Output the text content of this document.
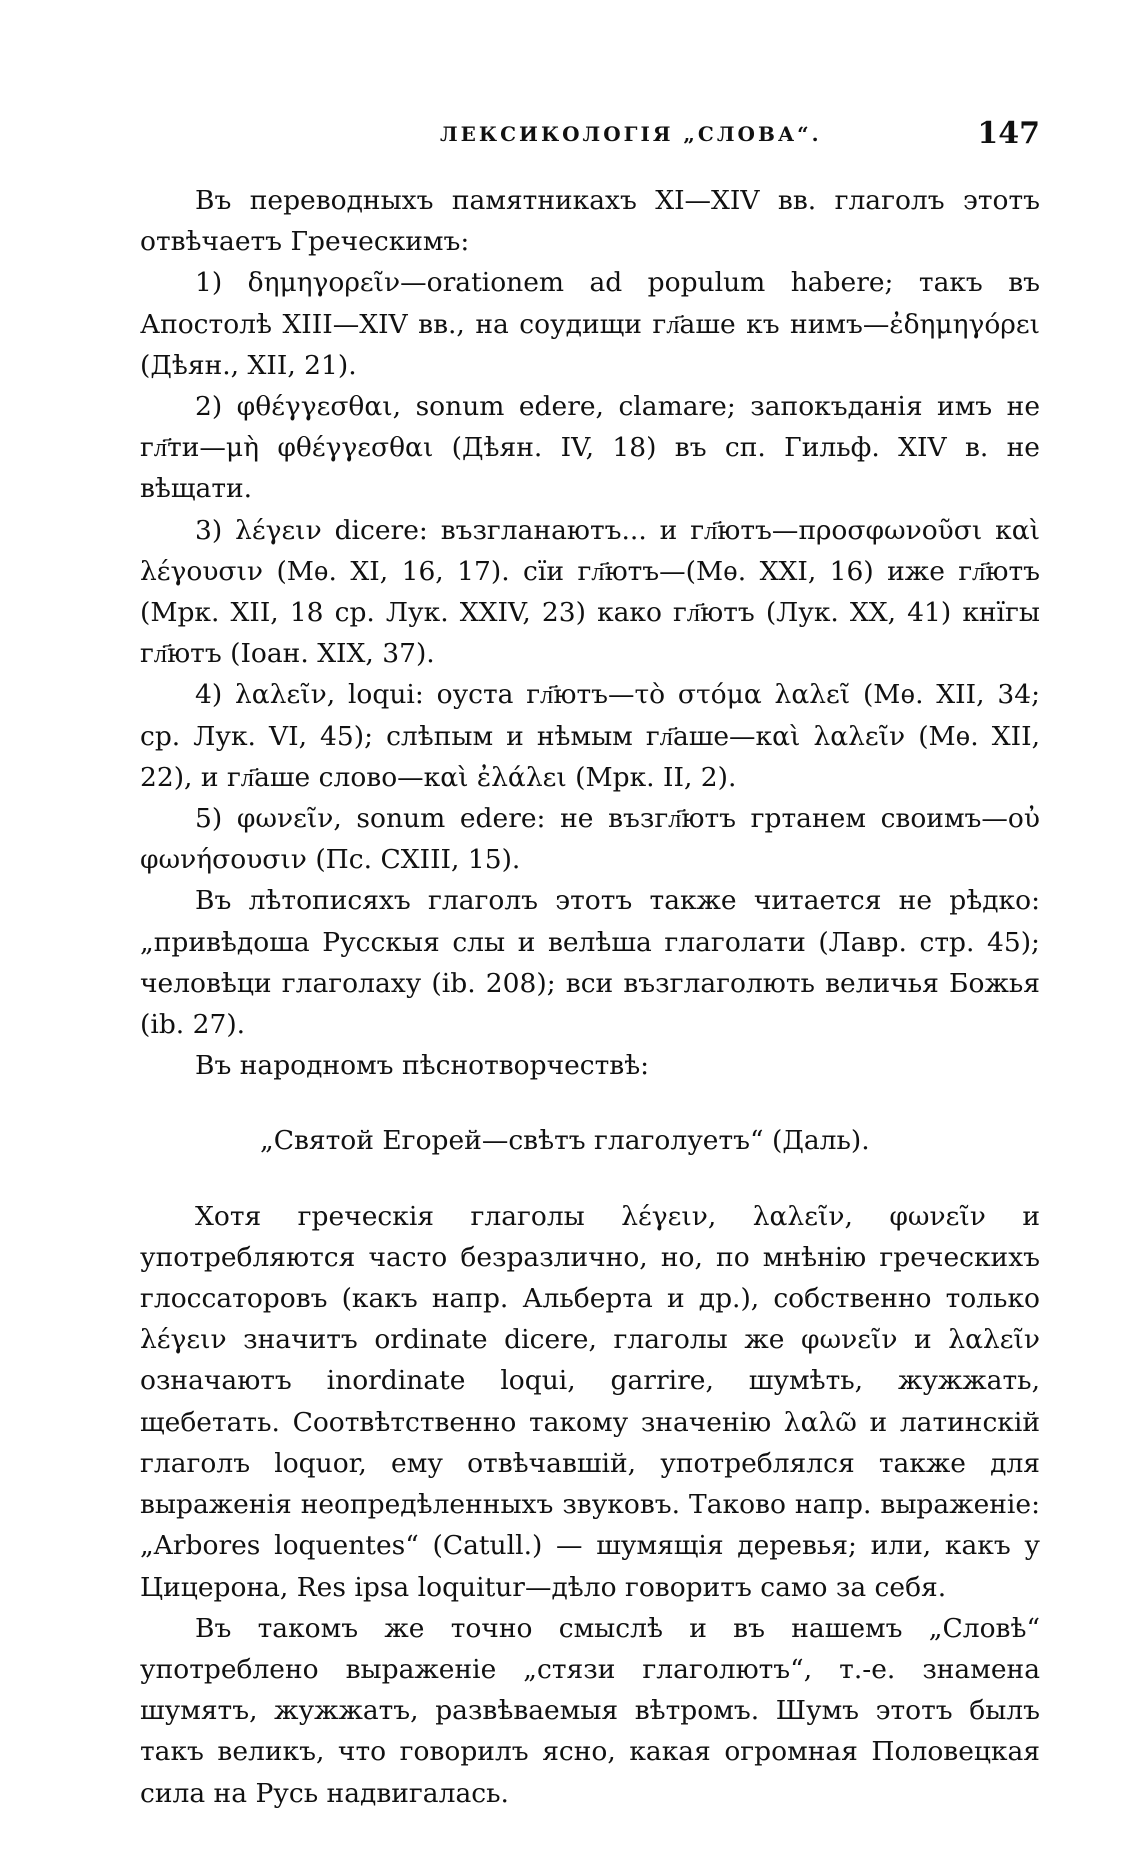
ЛЕКСИКОЛОГІЯ „СЛОВА“.	147

Въ переводныхъ памятникахъ XI—XIV вв. глаголъ этотъ отвѣчаетъ Греческимъ:

1) δημηγορεῖν—orationem ad populum habere; такъ въ Апостолѣ XIII—XIV вв., на соудищи гл҃аше къ нимъ—ἐδημηγόρει (Дѣян., XII, 21).

2) φθέγγεσθαι, sonum edere, clamare; запокъданія имъ не гл҃ти—μὴ φθέγγεσθαι (Дѣян. IV, 18) въ сп. Гильф. XIV в. не вѣщати.

3) λέγειν dicere: възгланаютъ... и гл҃ютъ—προσφωνοῦσι καὶ λέγουσιν (Мѳ. XI, 16, 17). сїи гл҃ютъ—(Мѳ. XXI, 16) иже гл҃ютъ (Мрк. XII, 18 ср. Лук. XXIV, 23) како гл҃ютъ (Лук. XX, 41) кнїгы гл҃ютъ (Іоан. XIX, 37).

4) λαλεῖν, loqui: оуста гл҃ютъ—τὸ στόμα λαλεῖ (Мѳ. XII, 34; ср. Лук. VI, 45); слѣпым и нѣмым гл҃аше—καὶ λαλεῖν (Мѳ. XII, 22), и гл҃аше слово—καὶ ἐλάλει (Мрк. II, 2).

5) φωνεῖν, sonum edere: не възгл҃ютъ гртанем своимъ—οὐ φωνήσουσιν (Пс. CXIII, 15).

Въ лѣтописяхъ глаголъ этотъ также читается не рѣдко: „привѣдоша Русскыя слы и велѣша глаголати (Лавр. стр. 45); человѣци глаголаху (ib. 208); вси възглаголють величья Божья (ib. 27).

Въ народномъ пѣснотворчествѣ:

„Святой Егорей—свѣтъ глаголуетъ“ (Даль).

Хотя греческія глаголы λέγειν, λαλεῖν, φωνεῖν и употребляются часто безразлично, но, по мнѣнію греческихъ глоссаторовъ (какъ напр. Альберта и др.), собственно только λέγειν значитъ ordinate dicere, глаголы же φωνεῖν и λαλεῖν означаютъ inordinate loqui, garrire, шумѣть, жужжать, щебетать. Соотвѣтственно такому значенію λαλῶ и латинскій глаголъ loquor, ему отвѣчавшій, употреблялся также для выраженія неопредѣленныхъ звуковъ. Таково напр. выраженіе: „Arbores loquentes“ (Catull.) — шумящія деревья; или, какъ у Цицерона, Res ipsa loquitur—дѣло говоритъ само за себя.

Въ такомъ же точно смыслѣ и въ нашемъ „Словѣ“ употреблено выраженіе „стязи глаголютъ“, т.-е. знамена шумятъ, жужжатъ, развѣваемыя вѣтромъ. Шумъ этотъ былъ такъ великъ, что говорилъ ясно, какая огромная Половецкая сила на Русь надвигалась.
